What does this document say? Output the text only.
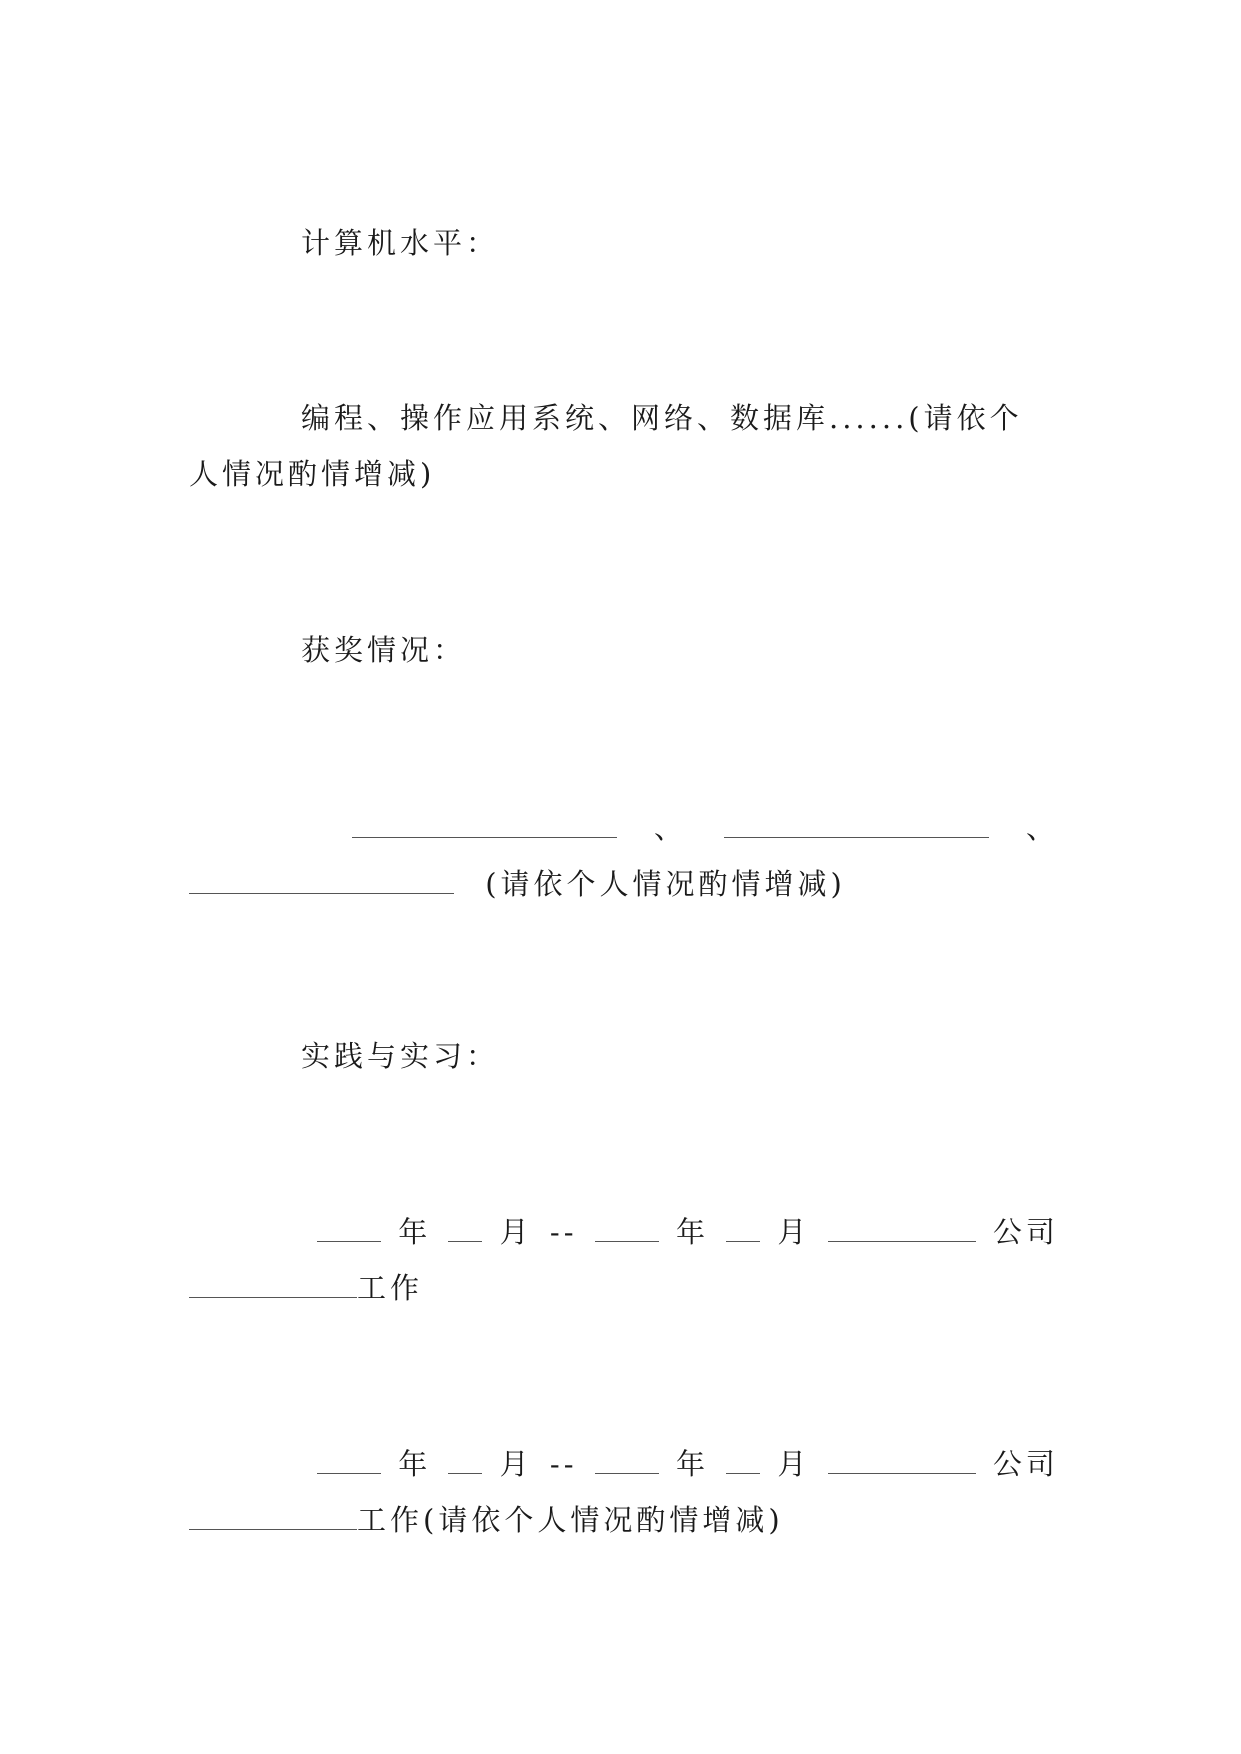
计算机水平：
编程、操作应用系统、网络、数据库......(请依个
人情况酌情增减)
获奖情况：
、	、
(请依个人情况酌情增减)
实践与实习：
年 月 --	年 月	公司
工作
年 月 --	年 月	公司
工作(请依个人情况酌情增减)
